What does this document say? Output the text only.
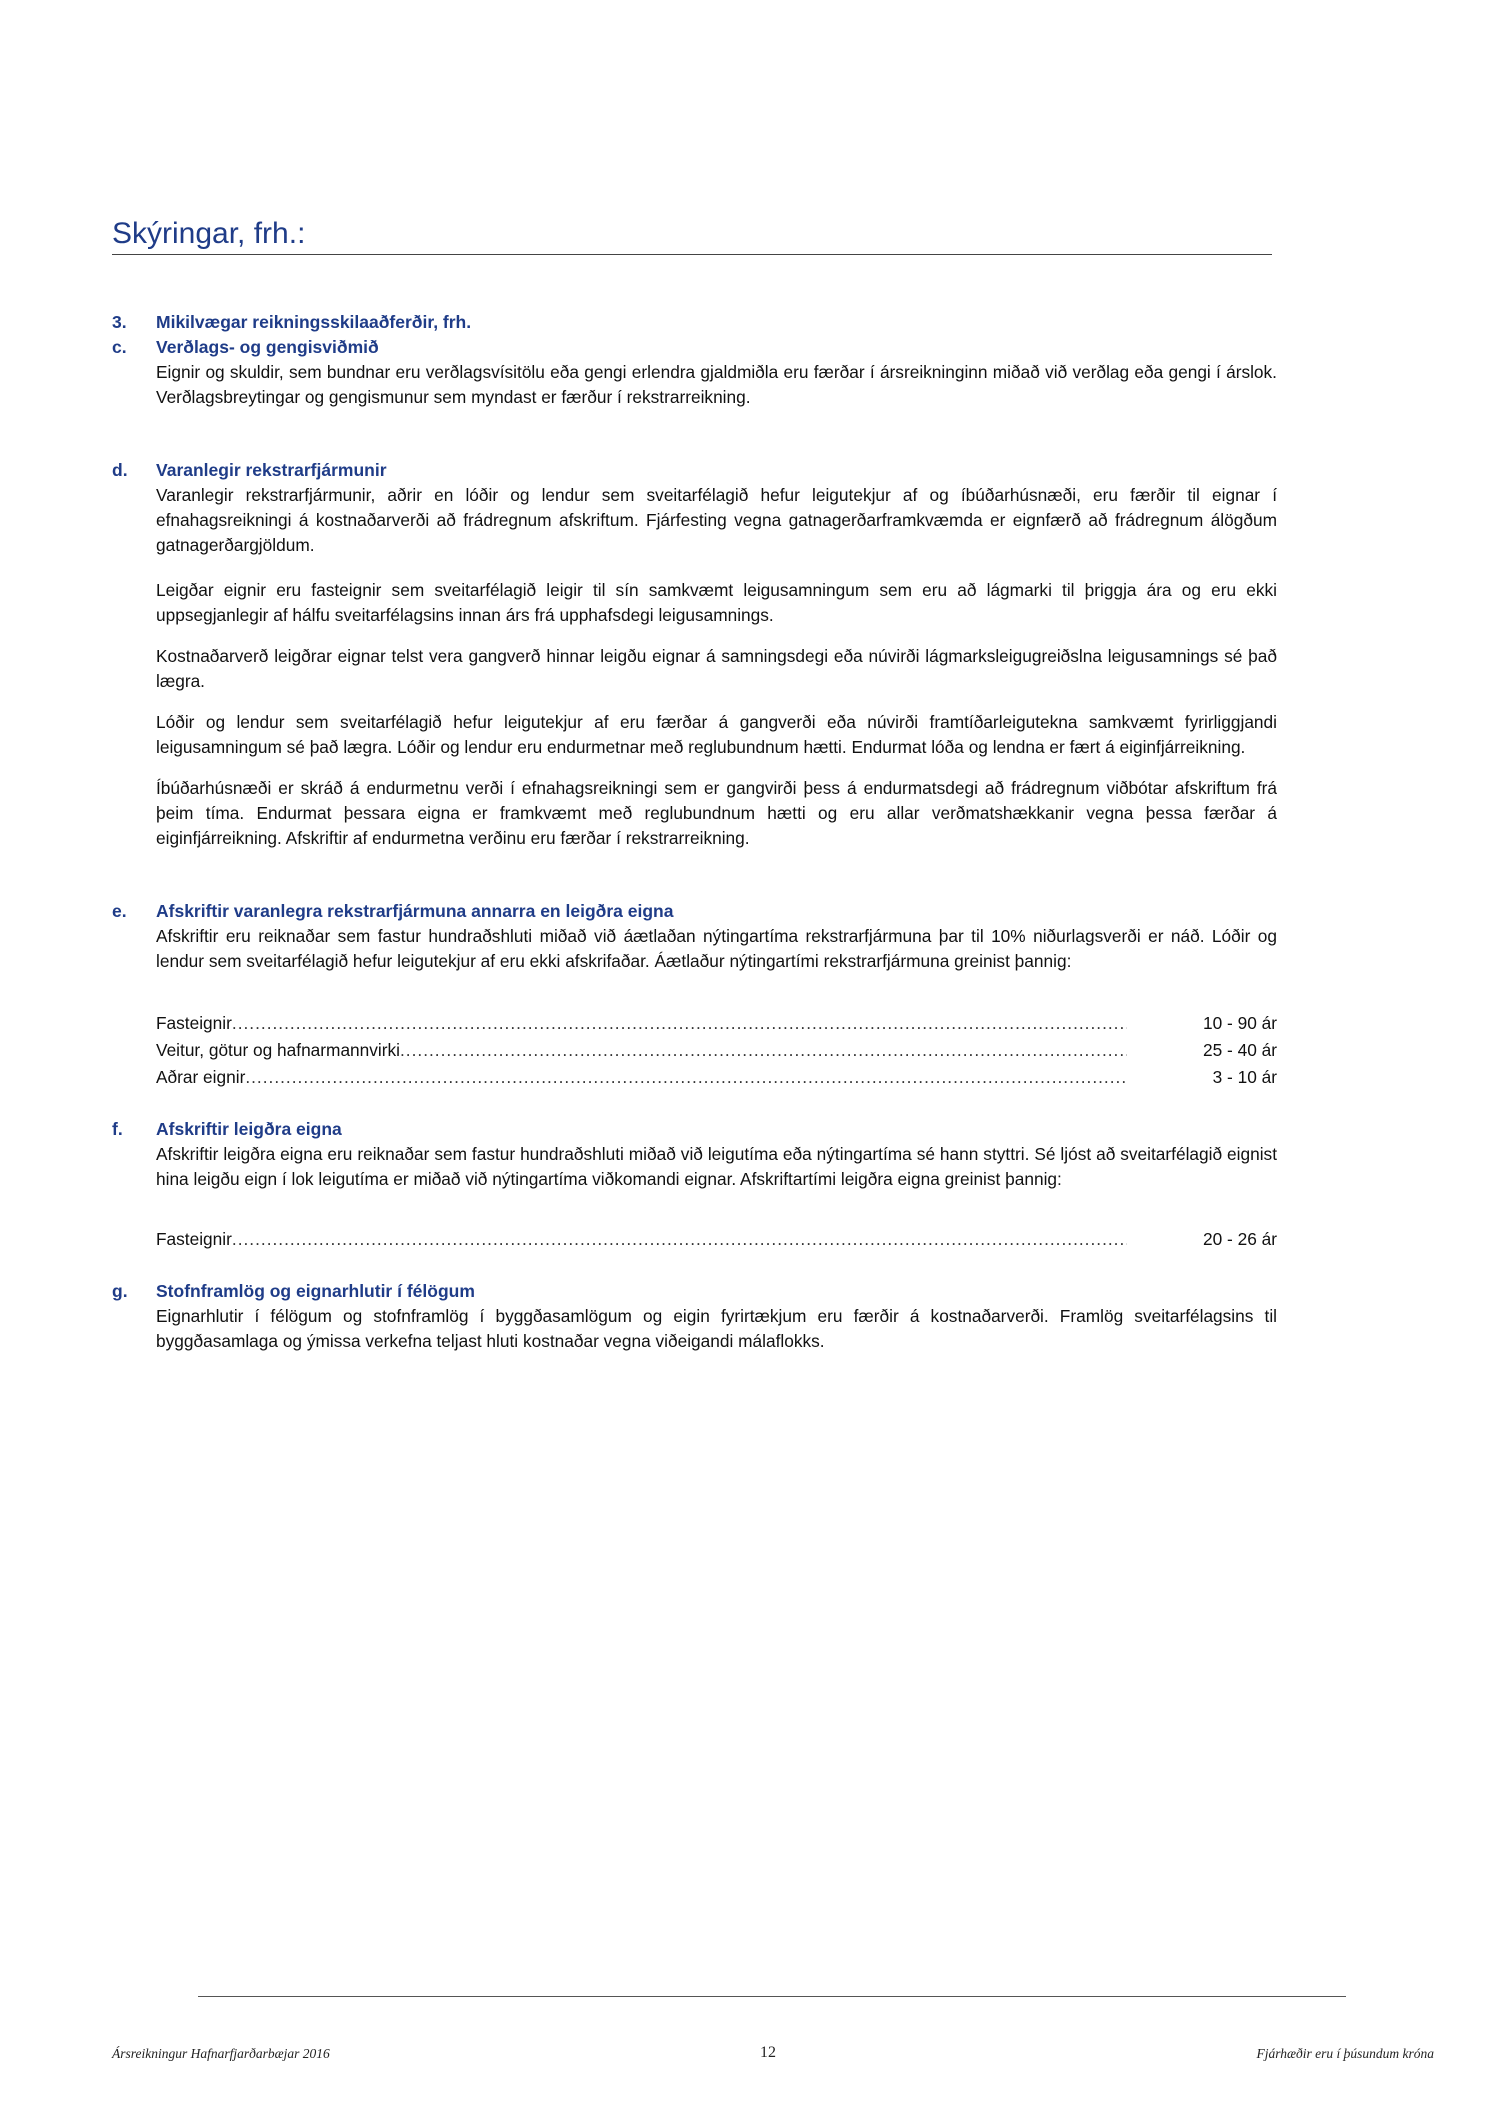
Skýringar, frh.:
3.	Mikilvægar reikningsskilaaðferðir, frh.
c.	Verðlags- og gengisviðmið

Eignir og skuldir, sem bundnar eru verðlagsvísitölu eða gengi erlendra gjaldmiðla eru færðar í ársreikninginn miðað við verðlag eða gengi í árslok. Verðlagsbreytingar og gengismunur sem myndast er færður í rekstrarreikning.

d.	Varanlegir rekstrarfjármunir

Varanlegir rekstrarfjármunir, aðrir en lóðir og lendur sem sveitarfélagið hefur leigutekjur af og íbúðarhúsnæði, eru færðir til eignar í efnahagsreikningi á kostnaðarverði að frádregnum afskriftum. Fjárfesting vegna gatnagerðarframkvæmda er eignfærð að frádregnum álögðum gatnagerðargjöldum.

Leigðar eignir eru fasteignir sem sveitarfélagið leigir til sín samkvæmt leigusamningum sem eru að lágmarki til þriggja ára og eru ekki uppsegjanlegir af hálfu sveitarfélagsins innan árs frá upphafsdegi leigusamnings.

Kostnaðarverð leigðrar eignar telst vera gangverð hinnar leigðu eignar á samningsdegi eða núvirði lágmarksleigugreiðslna leigusamnings sé það lægra.

Lóðir og lendur sem sveitarfélagið hefur leigutekjur af eru færðar á gangverði eða núvirði framtíðarleigutekna samkvæmt fyrirliggjandi leigusamningum sé það lægra. Lóðir og lendur eru endurmetnar með reglubundnum hætti. Endurmat lóða og lendna er fært á eiginfjárreikning.

Íbúðarhúsnæði er skráð á endurmetnu verði í efnahagsreikningi sem er gangvirði þess á endurmatsdegi að frádregnum viðbótar afskriftum frá þeim tíma. Endurmat þessara eigna er framkvæmt með reglubundnum hætti og eru allar verðmatshækkanir vegna þessa færðar á eiginfjárreikning. Afskriftir af endurmetna verðinu eru færðar í rekstrarreikning.

e.	Afskriftir varanlegra rekstrarfjármuna annarra en leigðra eigna

Afskriftir eru reiknaðar sem fastur hundraðshluti miðað við áætlaðan nýtingartíma rekstrarfjármuna þar til 10% niðurlagsverði er náð. Lóðir og lendur sem sveitarfélagið hefur leigutekjur af eru ekki afskrifaðar. Áætlaður nýtingartími rekstrarfjármuna greinist þannig:

Fasteignir .....	10 - 90 ár
Veitur, götur og hafnarmannvirki .....	25 - 40 ár
Aðrar eignir .....	3 - 10 ár
f.	Afskriftir leigðra eigna

Afskriftir leigðra eigna eru reiknaðar sem fastur hundraðshluti miðað við leigutíma eða nýtingartíma sé hann styttri. Sé ljóst að sveitarfélagið eignist hina leigðu eign í lok leigutíma er miðað við nýtingartíma viðkomandi eignar. Afskriftartími leigðra eigna greinist þannig:

Fasteignir .....	20 - 26 ár
g.	Stofnframlög og eignarhlutir í félögum

Eignarhlutir í félögum og stofnframlög í byggðasamlögum og eigin fyrirtækjum eru færðir á kostnaðarverði. Framlög sveitarfélagsins til byggðasamlaga og ýmissa verkefna teljast hluti kostnaðar vegna viðeigandi málaflokks.

Ársreikningur Hafnarfjarðarbæjar 2016	12	Fjárhæðir eru í þúsundum króna
